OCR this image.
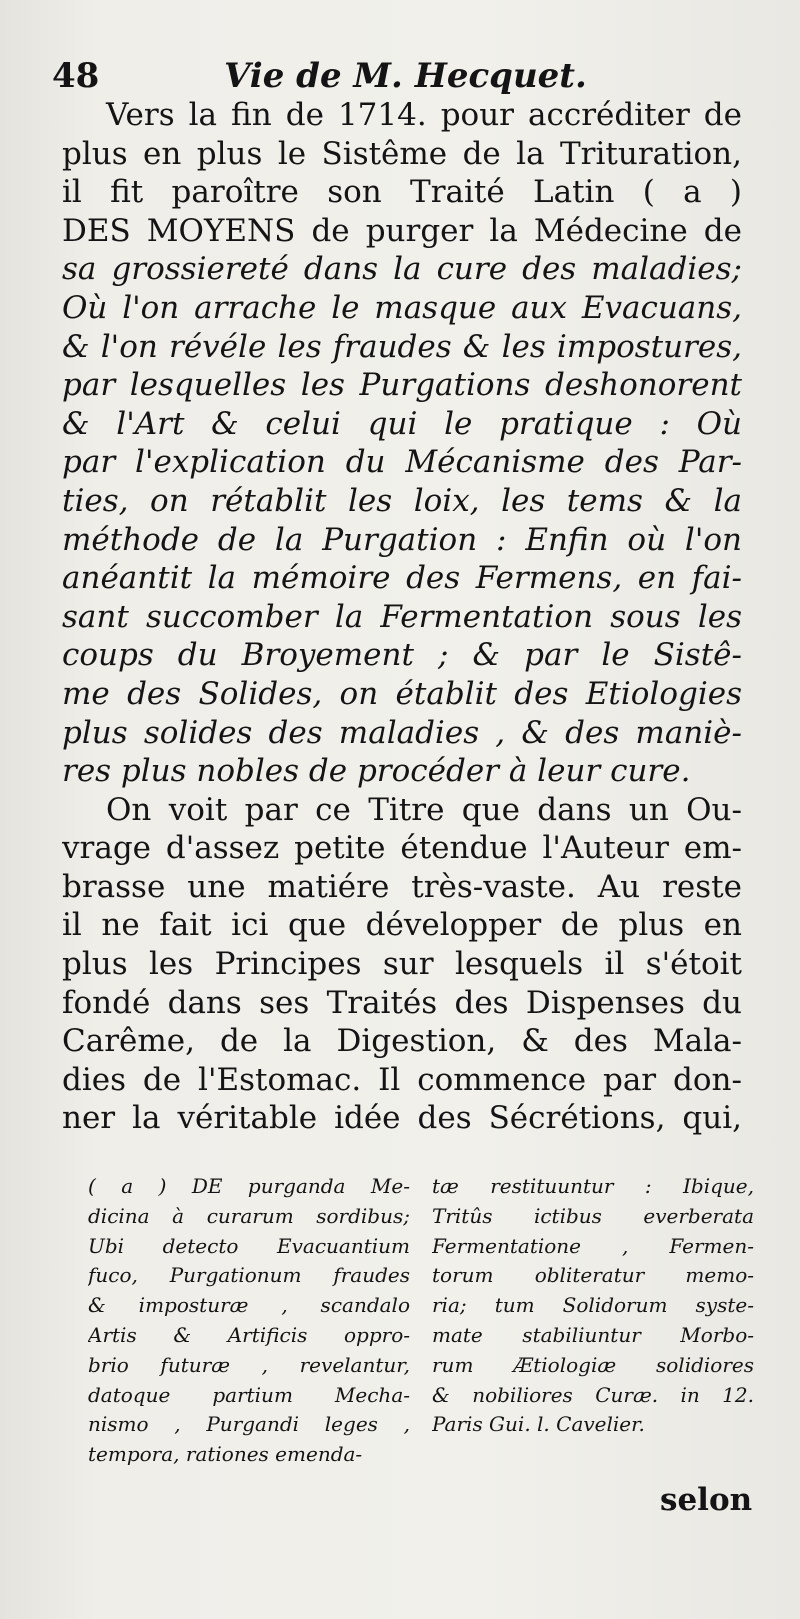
48	Vie de M. Hecquet.
Vers la fin de 1714. pour accréditer de
plus en plus le Sistême de la Trituration,
il fit paroître son Traité Latin ( a )
DES MOYENS de purger la Médecine de
sa grossiereté dans la cure des maladies;
Où l'on arrache le masque aux Evacuans,
& l'on révéle les fraudes & les impostures,
par lesquelles les Purgations deshonorent
& l'Art & celui qui le pratique : Où
par l'explication du Mécanisme des Par-
ties, on rétablit les loix, les tems & la
méthode de la Purgation : Enfin où l'on
anéantit la mémoire des Fermens, en fai-
sant succomber la Fermentation sous les
coups du Broyement ; & par le Sistê-
me des Solides, on établit des Etiologies
plus solides des maladies , & des maniè-
res plus nobles de procéder à leur cure.
On voit par ce Titre que dans un Ou-
vrage d'assez petite étendue l'Auteur em-
brasse une matiére très-vaste. Au reste
il ne fait ici que développer de plus en
plus les Principes sur lesquels il s'étoit
fondé dans ses Traités des Dispenses du
Carême, de la Digestion, & des Mala-
dies de l'Estomac. Il commence par don-
ner la véritable idée des Sécrétions, qui,
( a ) DE purganda Me-
dicina à curarum sordibus;
Ubi detecto Evacuantium
fuco, Purgationum fraudes
& imposturæ , scandalo
Artis & Artificis oppro-
brio futuræ , revelantur,
datoque partium Mecha-
nismo , Purgandi leges ,
tempora, rationes emenda-
tæ restituuntur : Ibique,
Tritûs ictibus everberata
Fermentatione , Fermen-
torum obliteratur memo-
ria; tum Solidorum syste-
mate stabiliuntur Morbo-
rum Ætiologiæ solidiores
& nobiliores Curæ. in 12.
Paris Gui. l. Cavelier.
selon
